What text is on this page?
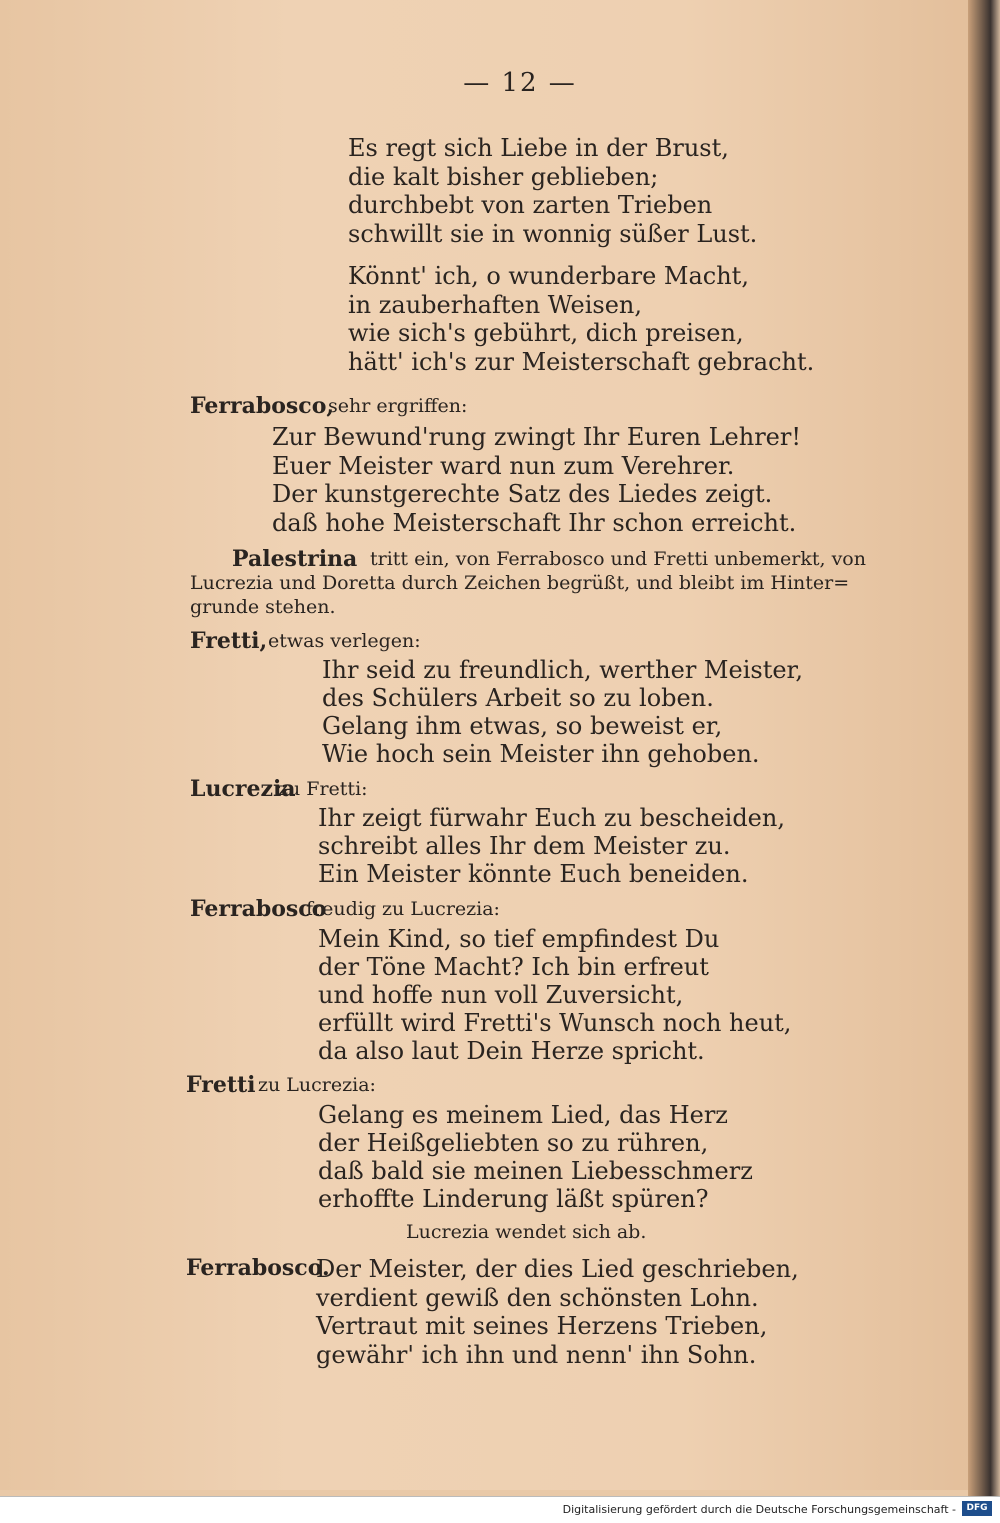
— 12 —
Es regt sich Liebe in der Brust,
die kalt bisher geblieben;
durchbebt von zarten Trieben
schwillt sie in wonnig süßer Lust.
Könnt' ich, o wunderbare Macht,
in zauberhaften Weisen,
wie sich's gebührt, dich preisen,
hätt' ich's zur Meisterschaft gebracht.
Ferrabosco,
sehr ergriffen:
Zur Bewund'rung zwingt Ihr Euren Lehrer!
Euer Meister ward nun zum Verehrer.
Der kunstgerechte Satz des Liedes zeigt.
daß hohe Meisterschaft Ihr schon erreicht.
Palestrina tritt ein, von Ferrabosco und Fretti unbemerkt, von
Lucrezia und Doretta durch Zeichen begrüßt, und bleibt im Hinter=
grunde stehen.
Fretti, etwas verlegen:
Ihr seid zu freundlich, werther Meister,
des Schülers Arbeit so zu loben.
Gelang ihm etwas, so beweist er,
Wie hoch sein Meister ihn gehoben.
Lucrezia
zu Fretti:
Ihr zeigt fürwahr Euch zu bescheiden,
schreibt alles Ihr dem Meister zu.
Ein Meister könnte Euch beneiden.
Ferrabosco
freudig zu Lucrezia:
Mein Kind, so tief empfindest Du
der Töne Macht? Ich bin erfreut
und hoffe nun voll Zuversicht,
erfüllt wird Fretti's Wunsch noch heut,
da also laut Dein Herze spricht.
Fretti zu Lucrezia:
Gelang es meinem Lied, das Herz
der Heißgeliebten so zu rühren,
daß bald sie meinen Liebesschmerz
erhoffte Linderung läßt spüren?
Lucrezia wendet sich ab.
Ferrabosco.
Der Meister, der dies Lied geschrieben,
verdient gewiß den schönsten Lohn.
Vertraut mit seines Herzens Trieben,
gewähr' ich ihn und nenn' ihn Sohn.
Digitalisierung gefördert durch die Deutsche Forschungsgemeinschaft -	DFG
